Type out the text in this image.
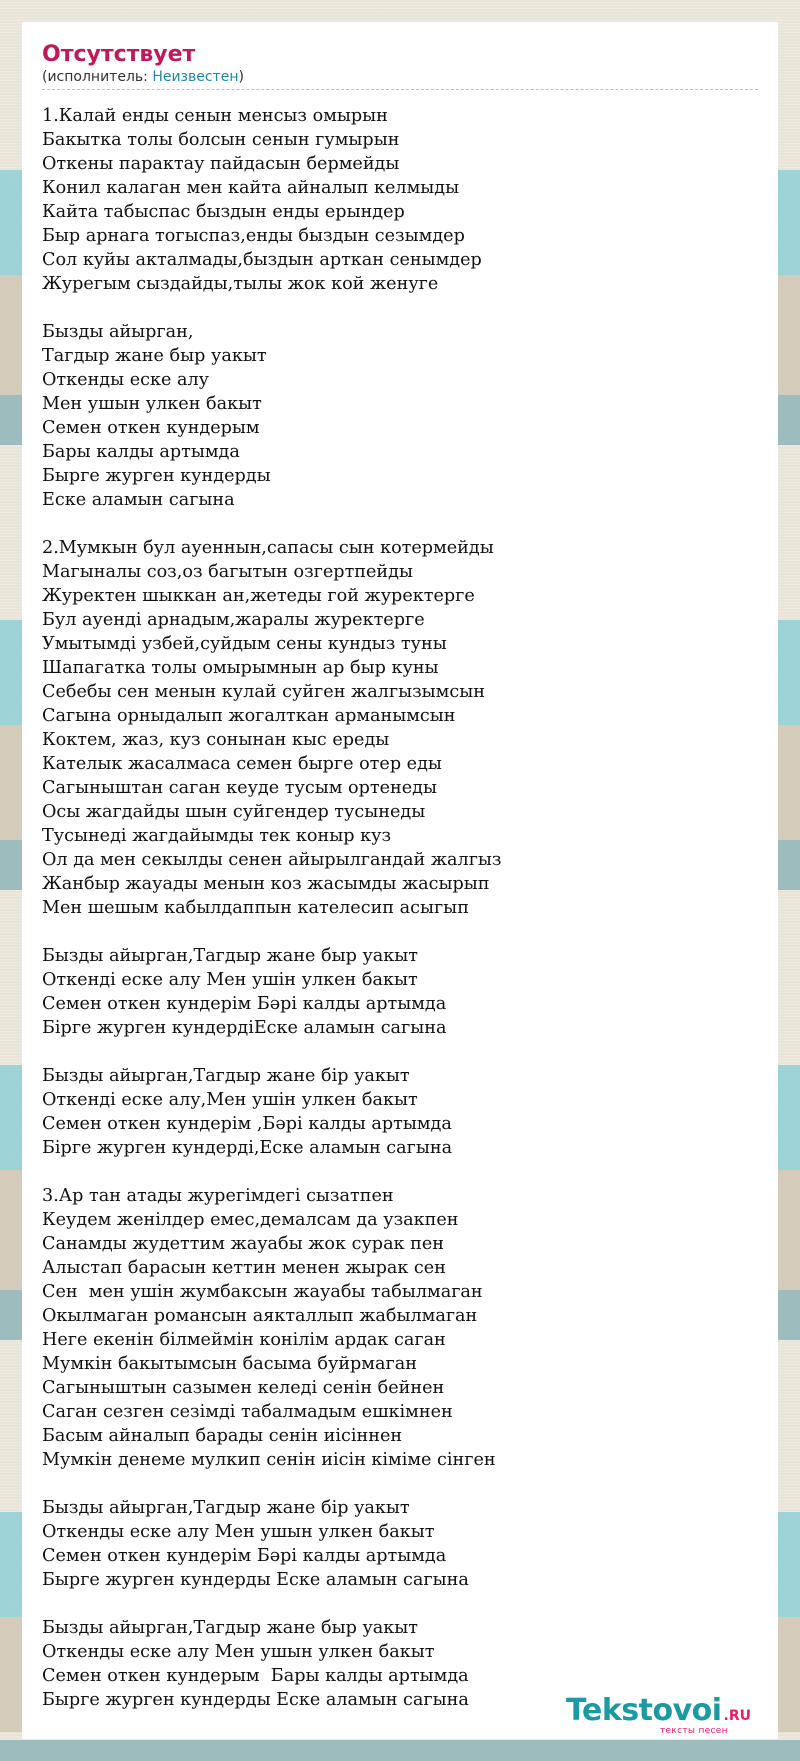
Отсутствует
(исполнитель: Неизвестен)
1.Калай енды сенын менсыз омырын
Бакытка толы болсын сенын гумырын
Откены парактау пайдасын бермейды
Конил калаган мен кайта айналып келмыды
Кайта табыспас быздын енды ерындер
Быр арнага тогыспаз,енды быздын сезымдер
Сол куйы акталмады,быздын арткан сенымдер
Журегым сыздайды,тылы жок кой женуге
Бызды айырган,
Тагдыр жане быр уакыт
Откенды еске алу
Мен ушын улкен бакыт
Семен откен кундерым
Бары калды артымда
Бырге журген кундерды
Еске аламын сагына
2.Мумкын бул ауеннын,сапасы сын котермейды
Магыналы соз,оз багытын озгертпейды
Журектен шыккан ан,жетеды гой журектерге
Бул ауенді арнадым,жаралы журектерге
Умытымді узбей,суйдым сены кундыз туны
Шапагатка толы омырымнын ар быр куны
Себебы сен менын кулай суйген жалгызымсын
Сагына орныдалып жогалткан арманымсын
Коктем, жаз, куз сонынан кыс ереды
Кателык жасалмаса семен бырге отер еды
Сагыныштан саган кеуде тусым ортенеды
Осы жагдайды шын суйгендер тусынеды
Тусынеді жагдайымды тек коныр куз
Ол да мен секылды сенен айырылгандай жалгыз
Жанбыр жауады менын коз жасымды жасырып
Мен шешым кабылдаппын кателесип асыгып
Бызды айырган,Тагдыр жане быр уакыт
Откенді еске алу Мен ушін улкен бакыт
Семен откен кундерім Бәрі калды артымда
Бірге журген кундердіЕске аламын сагына
Бызды айырган,Тагдыр жане бір уакыт
Откенді еске алу,Мен ушін улкен бакыт
Семен откен кундерім ,Бәрі калды артымда
Бірге журген кундерді,Еске аламын сагына
3.Ар тан атады журегімдегі сызатпен
Кеудем женілдер емес,демалсам да узакпен
Санамды жудеттим жауабы жок сурак пен
Алыстап барасын кеттин менен жырак сен
Сен  мен ушін жумбаксын жауабы табылмаган
Окылмаган романсын аякталлып жабылмаган
Неге екенін білмеймін конілім ардак саган
Мумкін бакытымсын басыма буйрмаган
Сагыныштын сазымен келеді сенін бейнен
Саган сезген сезімді табалмадым ешкімнен
Басым айналып барады сенін иісіннен
Мумкін денеме мулкип сенін иісін кіміме сінген
Бызды айырган,Тагдыр жане бір уакыт
Откенды еске алу Мен ушын улкен бакыт
Семен откен кундерім Бәрі калды артымда
Бырге журген кундерды Еске аламын сагына
Бызды айырган,Тагдыр жане быр уакыт
Откенды еске алу Мен ушын улкен бакыт
Семен откен кундерым  Бары калды артымда
Бырге журген кундерды Еске аламын сагына	Tekstovoi .RU
тексты песен
